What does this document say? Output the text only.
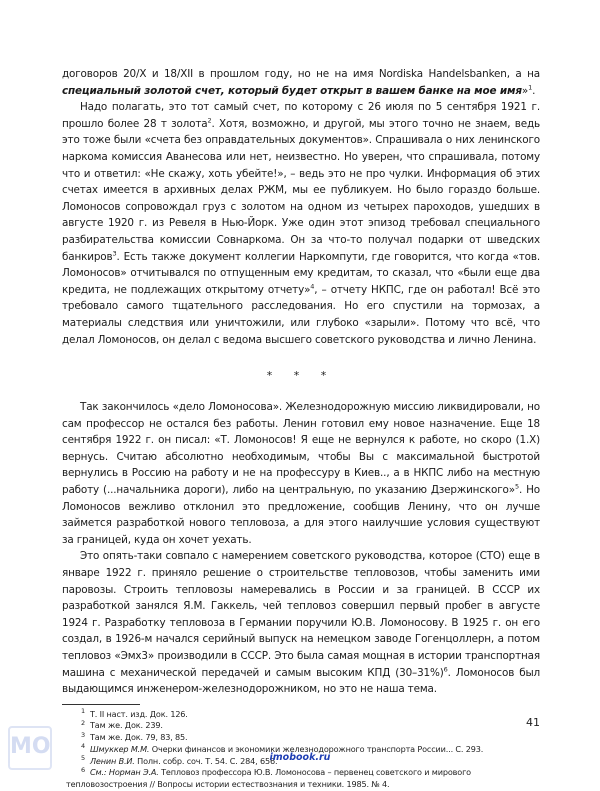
договоров 20/X и 18/XII в прошлом году, но не на имя Nordiska Handelsbanken, а на специальный золотой счет, который будет открыт в вашем банке на мое имя»$^1$.

Надо полагать, это тот самый счет, по которому с 26 июля по 5 сентября 1921 г. прошло более 28 т золота$^2$. Хотя, возможно, и другой, мы этого точно не знаем, ведь это тоже были «счета без оправдательных документов». Спрашивала о них ленинского наркома комиссия Аванесова или нет, неизвестно. Но уверен, что спрашивала, потому что и ответил: «Не скажу, хоть убейте!», – ведь это не про чулки. Информация об этих счетах имеется в архивных делах РЖМ, мы ее публикуем. Но было гораздо больше. Ломоносов сопровождал груз с золотом на одном из четырех пароходов, ушедших в августе 1920 г. из Ревеля в Нью-Йорк. Уже один этот эпизод требовал специального разбирательства комиссии Совнаркома. Он за что-то получал подарки от шведских банкиров$^3$. Есть также документ коллегии Наркомпути, где говорится, что когда «тов. Ломоносов» отчитывался по отпущенным ему кредитам, то сказал, что «были еще два кредита, не подлежащих открытому отчету»$^4$, – отчету НКПС, где он работал! Всё это требовало самого тщательного расследования. Но его спустили на тормозах, а материалы следствия или уничтожили, или глубоко «зарыли». Потому что всё, что делал Ломоносов, он делал с ведома высшего советского руководства и лично Ленина.

* * *

Так закончилось «дело Ломоносова». Железнодорожную миссию ликвидировали, но сам профессор не остался без работы. Ленин готовил ему новое назначение. Еще 18 сентября 1922 г. он писал: «Т. Ломоносов! Я еще не вернулся к работе, но скоро (1.X) вернусь. Считаю абсолютно необходимым, чтобы Вы с максимальной быстротой вернулись в Россию на работу и не на профессуру в Киев.., а в НКПС либо на местную работу (...начальника дороги), либо на центральную, по указанию Дзержинского»$^5$. Но Ломоносов вежливо отклонил это предложение, сообщив Ленину, что он лучше займется разработкой нового тепловоза, а для этого наилучшие условия существуют за границей, куда он хочет уехать.

Это опять-таки совпало с намерением советского руководства, которое (СТО) еще в январе 1922 г. приняло решение о строительстве тепловозов, чтобы заменить ими паровозы. Строить тепловозы намеревались в России и за границей. В СССР их разработкой занялся Я.М. Гаккель, чей тепловоз совершил первый пробег в августе 1924 г. Разработку тепловоза в Германии поручили Ю.В. Ломоносову. В 1925 г. он его создал, в 1926-м начался серийный выпуск на немецком заводе Гогенцоллерн, а потом тепловоз «Эмх3» производили в СССР. Это была самая мощная в истории транспортная машина с механической передачей и самым высоким КПД $(30-31\%)^6$. Ломоносов был выдающимся инженером-железнодорожником, но это не наша тема.

$^1$ Т. II наст. изд. Док. 126.

$^2$ Там же. Док. 239.

$^3$ Там же. Док. 79, 83, 85.

$^4$ Шмуккер М.М. Очерки финансов и экономики железнодорожного транспорта России... С. 293.

$^5$ Ленин В.И. Полн. собр. соч. Т. 54. С. 284, 656.

$^6$ См.: Норман Э.А. Тепловоз профессора Ю.В. Ломоносова – первенец советского и мирового тепловозостроения // Вопросы истории естествознания и техники. 1985. № 4.

41
MO	imobook.ru
